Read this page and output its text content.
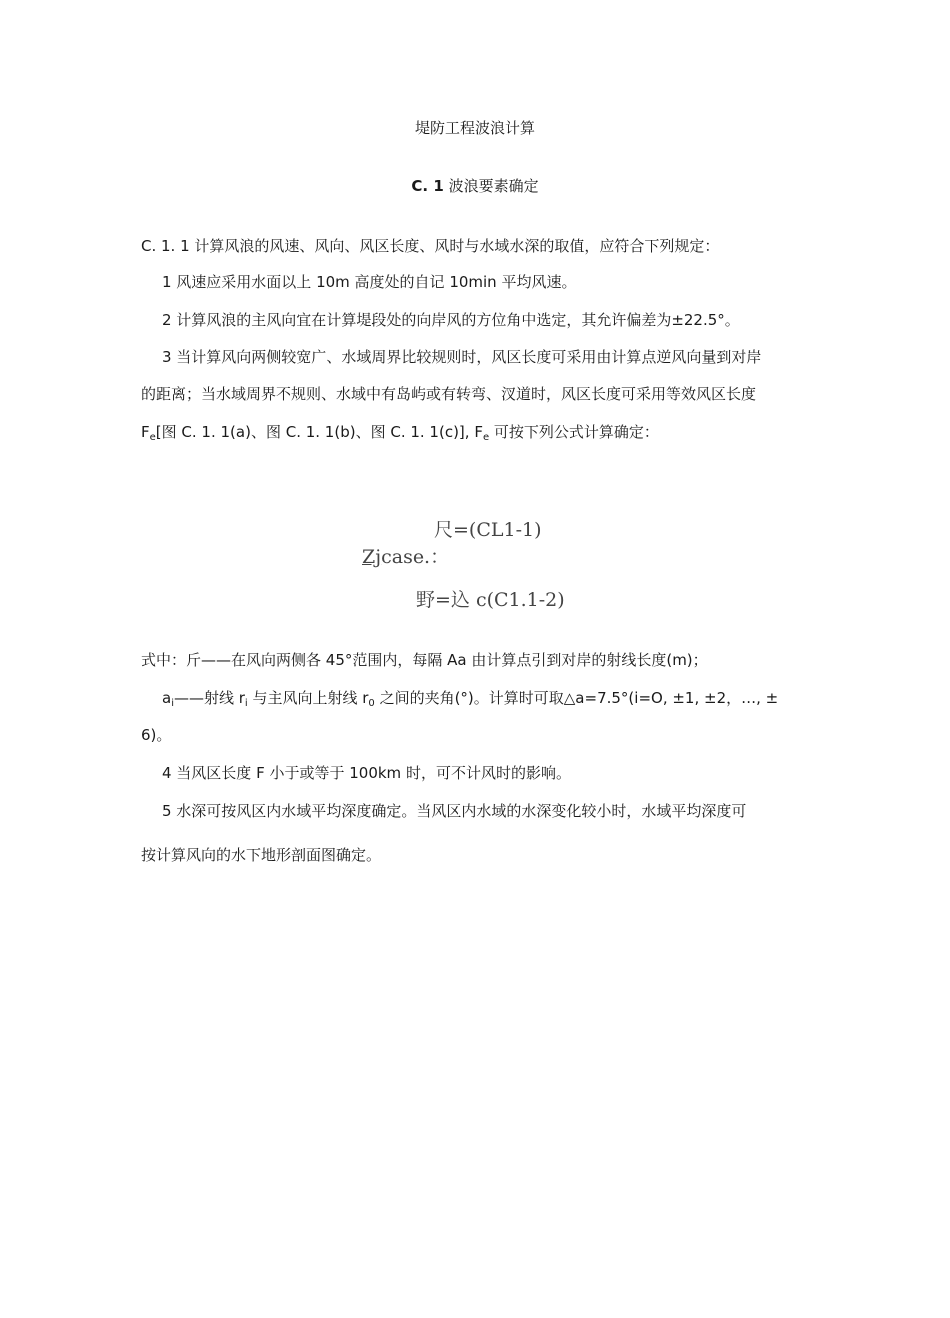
堤防工程波浪计算
C. 1 波浪要素确定
C. 1. 1 计算风浪的风速、风向、风区长度、风时与水域水深的取值，应符合下列规定：
1 风速应采用水面以上 10m 高度处的自记 10min 平均风速。
2 计算风浪的主风向宜在计算堤段处的向岸风的方位角中选定，其允许偏差为±22.5°。
3 当计算风向两侧较宽广、水域周界比较规则时，风区长度可采用由计算点逆风向量到对岸
的距离；当水域周界不规则、水域中有岛屿或有转弯、汊道时，风区长度可采用等效风区长度
$F_e$[图 C. 1. 1(a)、图 C. 1. 1(b)、图 C. 1. 1(c)], $F_e$ 可按下列公式计算确定：
尺=(CL1-1)
Zjcase.：
野=込 c(C1.1-2)
式中：斤——在风向两侧各 45°范围内，每隔 Aa 由计算点引到对岸的射线长度(m)；
$a_i——$射线 $r_i$ 与主风向上射线 $r_0$ 之间的夹角(°)。计算时可取△a=7.5°(i=O, ±1, ±2，…, ±
6)。
4 当风区长度 F 小于或等于 100km 时，可不计风时的影响。
5 水深可按风区内水域平均深度确定。当风区内水域的水深变化较小时，水域平均深度可
按计算风向的水下地形剖面图确定。
